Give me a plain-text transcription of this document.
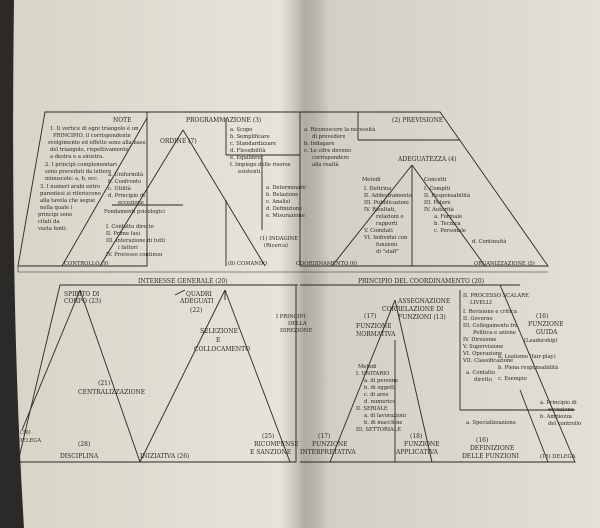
NOTE
1. Il vertice di ogni triangolo è un
PRINCIPIO, il corrispondente
svolgimento ed effetto sono alla base
del triangolo, rispettivamente
a destra e a sinistra.
2. I principi complementari
sono preceduti da lettere
minuscole: a, b, ecc.
3. I numeri arabi entro
parentesi si riferiscono
alla tavola che segue
nella quale i
principi sono
citati da
vasta fonti.
PROGRAMMAZIONE (3)
ORDINE (7)
a. Scopo
b. Semplificare
c. Standardizzare
d. Flessibilità
e. Equilibrio
f. Impiego delle risorse
esistenti
a. Uniformità
b. Confronto
c. Utilità
d. Principio di
eccezione
Fondamenti psicologici
I. Contatto diretto
II. Prime fasi
III. Interazione di tutti
i fattori
IV. Processo continuo
a. Determinare
b. Relazione
c. Analisi
d. Definizione
e. Misurazione
(1) INDAGINE
(Ricerca)
CONTROLLO (9)	(8) COMANDO	COORDINAMENTO (6)
(2) PREVISIONE
a. Riconoscere la necessità
di prevedere
b. Indagare
c. Le cifre devono
corrispondere
alla realtà
ADEGUATEZZA (4)
Metodi
I. Dottrina
II. Addestramento
III. Pubblicazioni
IV. Risultati,
relazioni e
rapporti
V. Comitati
VI. Individui con
funzioni
di "staff"
Concetti
I. Compiti
II. Responsabilità
III. Potere
IV. Autorità
a. Formale
b. Tecnica
c. Personale
d. Continuità
ORGANIZZAZIONE (5)
INTERESSE GENERALE (20)	PRINCIPIO DEL COORDINAMENTO (20)
I PRINCIPI
DELLA
DIREZIONE
SPIRITO DI
CORPO (23)
QUADRI
ADEGUATI
(22)
SELEZIONE
E
COLLOCAMENTO
(21)
CENTRALIZZAZIONE
(30)
DELEGA	(28)
DISCIPLINA	INIZIATIVA (26)
(25)
RICOMPENSE
E SANZIONE
ASSEGNAZIONE
CORRELAZIONE DI
FUNZIONI (13)
II. PROCESSO SCALARE
LIVELLI
I. Revisione e critica
II. Governo
III. Collegamento fra
Politica e azione
IV. Direzione
V. Supervisione
VI. Operazione
VII. Classificazione
(17)
FUNZIONE
NORMATIVA
(16)
FUNZIONE
GUIDA
(Leadership)
Metodi
I. UNITARIO
a. di persone
b. di oggetti
c. di aree
d. numerico
II. SERIALE
a. di lavorazioni
b. di macchine
III. SETTORIALE
a. Contatto
diretto
a. Lealismo (fair-play)
b. Piena responsabilità
c. Esempio
a. Specializzazione
a. Principio di
eccezione
b. Ampiezza
del controllo
(17)
FUNZIONE
INTERPRETATIVA
(18)
FUNZIONE
APPLICATIVA
(16)
DEFINIZIONE
DELLE FUNZIONI	(15) DELEGA
